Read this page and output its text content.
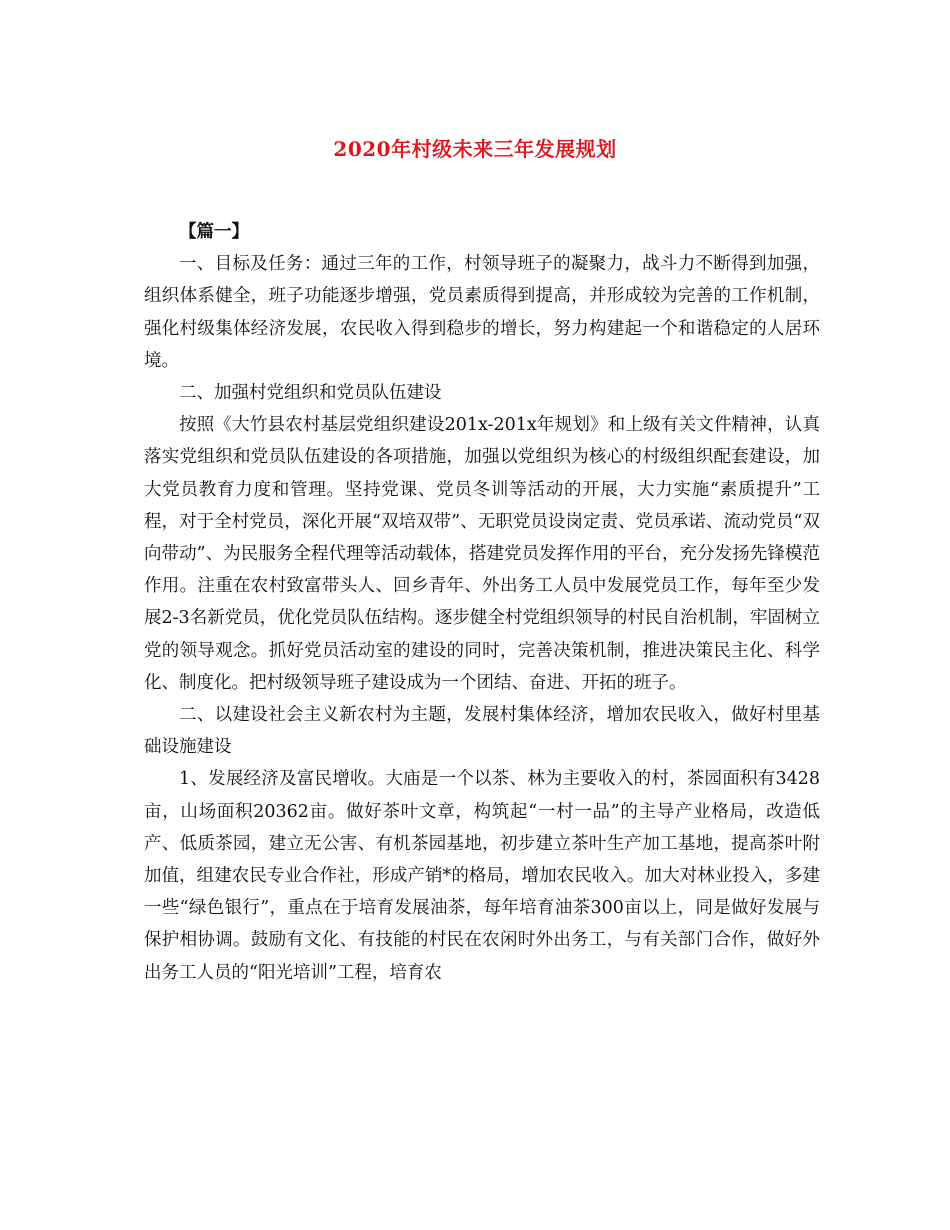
2020年村级未来三年发展规划

【篇一】

一、目标及任务：通过三年的工作，村领导班子的凝聚力，战斗力不断得到加强，组织体系健全，班子功能逐步增强，党员素质得到提高，并形成较为完善的工作机制，强化村级集体经济发展，农民收入得到稳步的增长，努力构建起一个和谐稳定的人居环境。

二、加强村党组织和党员队伍建设

按照《大竹县农村基层党组织建设201x-201x年规划》和上级有关文件精神，认真落实党组织和党员队伍建设的各项措施，加强以党组织为核心的村级组织配套建设，加大党员教育力度和管理。坚持党课、党员冬训等活动的开展，大力实施“素质提升”工程，对于全村党员，深化开展“双培双带”、无职党员设岗定责、党员承诺、流动党员“双向带动”、为民服务全程代理等活动载体，搭建党员发挥作用的平台，充分发扬先锋模范作用。注重在农村致富带头人、回乡青年、外出务工人员中发展党员工作，每年至少发展2-3名新党员，优化党员队伍结构。逐步健全村党组织领导的村民自治机制，牢固树立党的领导观念。抓好党员活动室的建设的同时，完善决策机制，推进决策民主化、科学化、制度化。把村级领导班子建设成为一个团结、奋进、开拓的班子。

二、以建设社会主义新农村为主题，发展村集体经济，增加农民收入，做好村里基础设施建设

1、发展经济及富民增收。大庙是一个以茶、林为主要收入的村，茶园面积有3428亩，山场面积20362亩。做好茶叶文章，构筑起“一村一品”的主导产业格局，改造低产、低质茶园，建立无公害、有机茶园基地，初步建立茶叶生产加工基地，提高茶叶附加值，组建农民专业合作社，形成产销*的格局，增加农民收入。加大对林业投入，多建一些“绿色银行”，重点在于培育发展油茶，每年培育油茶300亩以上，同是做好发展与保护相协调。鼓励有文化、有技能的村民在农闲时外出务工，与有关部门合作，做好外出务工人员的“阳光培训”工程，培育农
